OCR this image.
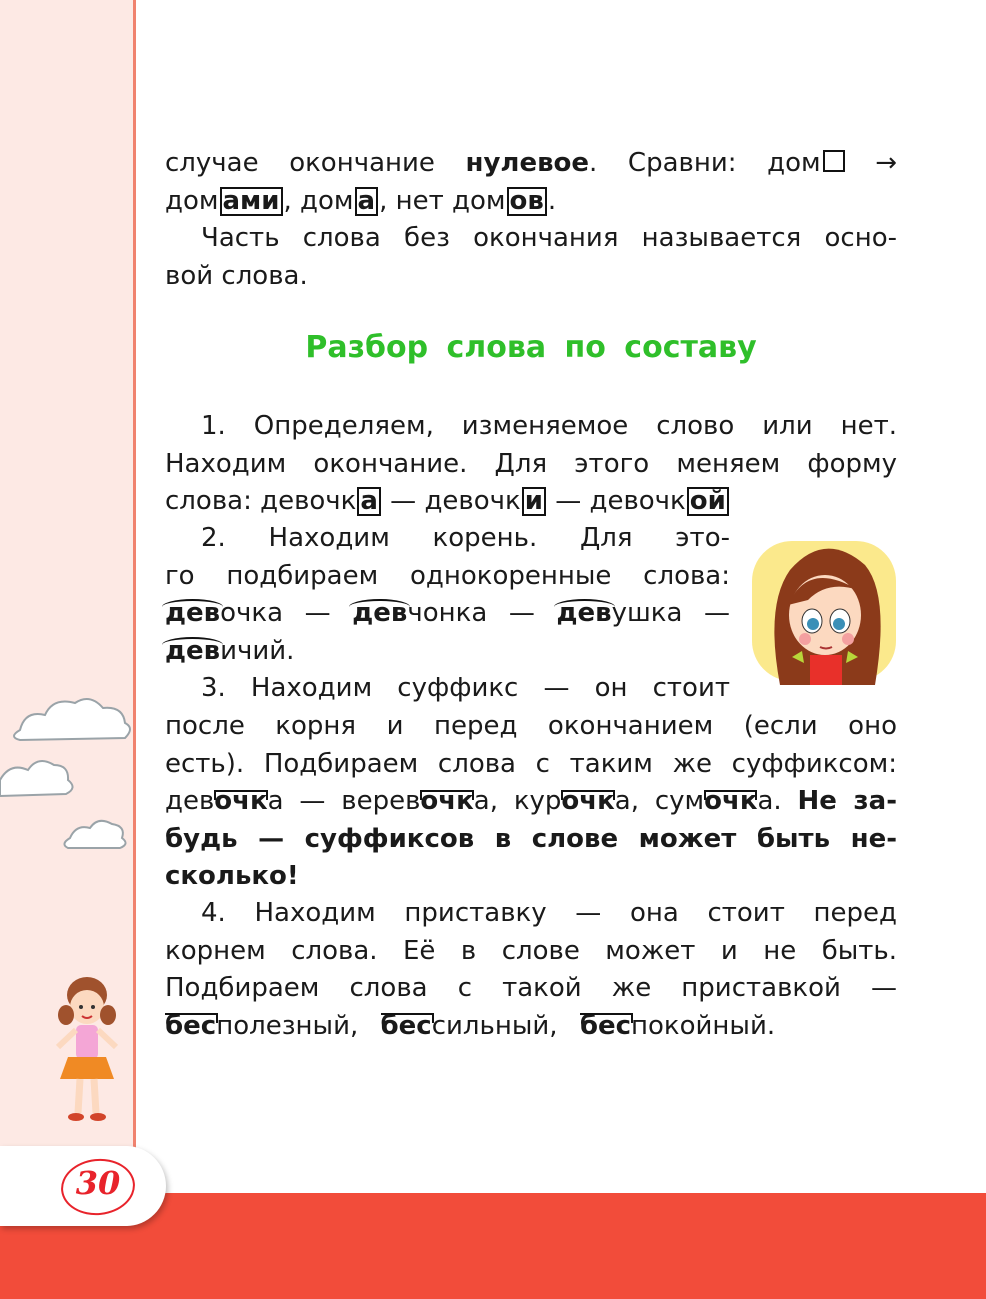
случае окончание нулевое. Сравни: дом →
дом ами , дом а , нет дом ов .
Часть слова без окончания называется осно-
вой слова.
Разбор слова по составу
1. Определяем, изменяемое слово или нет.
Находим окончание. Для этого меняем форму
слова: девочк а — девочк и — девочк ой
2. Находим корень. Для это-
го подбираем однокоренные слова:
девочка — девчонка — девушка —
девичий.
3. Находим суффикс — он стоит
после корня и перед окончанием (если оно
есть). Подбираем слова с таким же суффиксом:
девочка — веревочка, курочка, сумочка. Не за-
будь — суффиксов в слове может быть не-
сколько!
4. Находим приставку — она стоит перед
корнем слова. Её в слове может и не быть.
Подбираем слова с такой же приставкой —
бесполезный, бессильный, беспокойный.
30
